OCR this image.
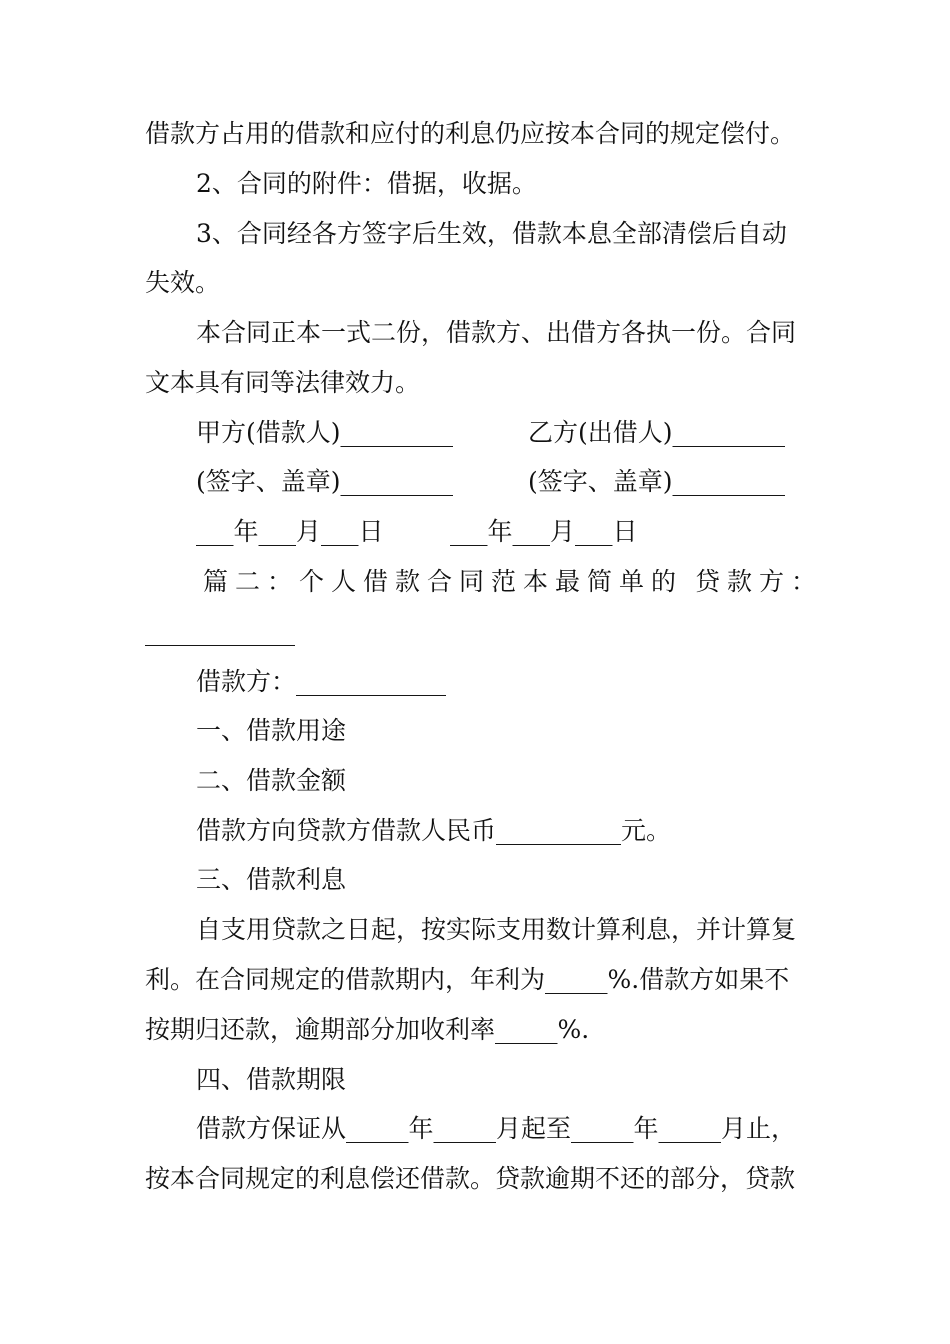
借款方占用的借款和应付的利息仍应按本合同的规定偿付。
2、合同的附件：借据，收据。
3、合同经各方签字后生效，借款本息全部清偿后自动
失效。
本合同正本一式二份，借款方、出借方各执一份。合同
文本具有同等法律效力。
甲方(借款人)_________	乙方(出借人)_________
(签字、盖章)_________	(签字、盖章)_________
___年___月___日	___年___月___日
篇二：个人借款合同范本最简单的 贷款方：
____________
借款方：____________
一、借款用途
二、借款金额
借款方向贷款方借款人民币__________元。
三、借款利息
自支用贷款之日起，按实际支用数计算利息，并计算复
利。在合同规定的借款期内，年利为_____%.借款方如果不
按期归还款，逾期部分加收利率_____%.
四、借款期限
借款方保证从_____年_____月起至_____年_____月止，
按本合同规定的利息偿还借款。贷款逾期不还的部分，贷款
